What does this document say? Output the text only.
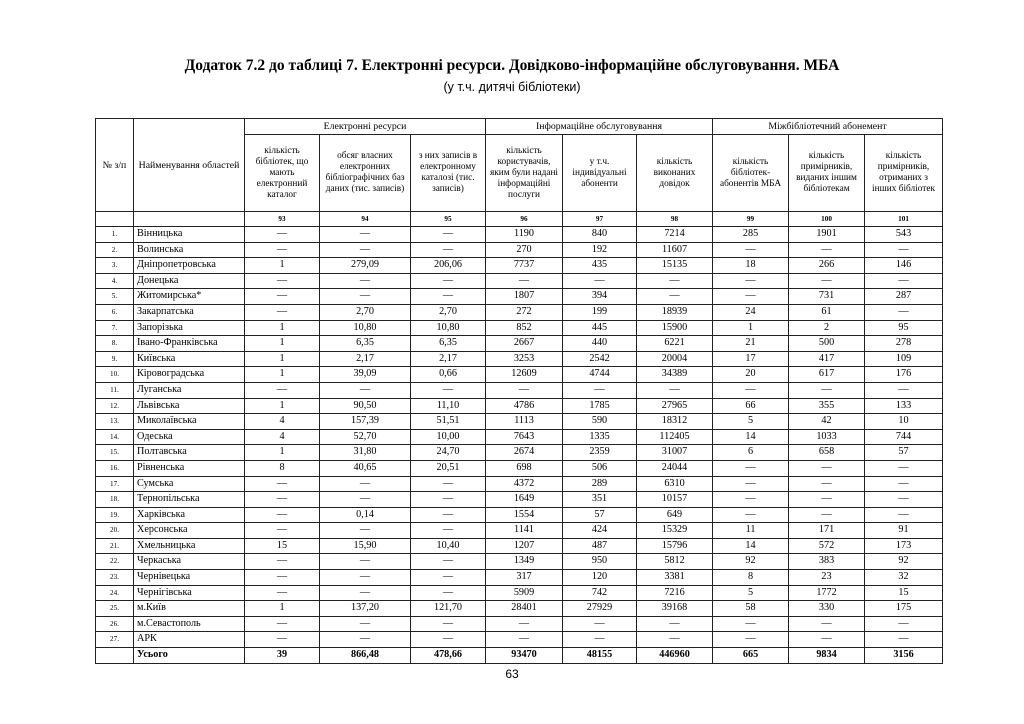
Додаток 7.2 до таблиці 7. Електронні ресурси. Довідково-інформаційне обслуговування. МБА
(у т.ч. дитячі бібліотеки)
№ з/п	Найменування областей	Електронні ресурси			Інформаційне обслуговування			Міжбібліотечний абонемент		
		кількість бібліотек, що мають електронний каталог	обсяг власних електронних бібліографічних баз даних (тис. записів)	з них записів в електронному каталозі (тис. записів)	кількість користувачів, яким були надані інформаційні послуги	у т.ч. індивідуальні абоненти	кількість виконаних довідок	кількість бібліотек-абонентів МБА	кількість примірників, виданих іншим бібліотекам	кількість примірників, отриманих з інших бібліотек
		93	94	95	96	97	98	99	100	101
1.	Вінницька	—	—	—	1190	840	7214	285	1901	543
2.	Волинська	—	—	—	270	192	11607	—	—	—
3.	Дніпропетровська	1	279,09	206,06	7737	435	15135	18	266	146
4.	Донецька	—	—	—	—	—	—	—	—	—
5.	Житомирська*	—	—	—	1807	394	—	—	731	287
6.	Закарпатська	—	2,70	2,70	272	199	18939	24	61	—
7.	Запорізька	1	10,80	10,80	852	445	15900	1	2	95
8.	Івано-Франківська	1	6,35	6,35	2667	440	6221	21	500	278
9.	Київська	1	2,17	2,17	3253	2542	20004	17	417	109
10.	Кіровоградська	1	39,09	0,66	12609	4744	34389	20	617	176
11.	Луганська	—	—	—	—	—	—	—	—	—
12.	Львівська	1	90,50	11,10	4786	1785	27965	66	355	133
13.	Миколаївська	4	157,39	51,51	1113	590	18312	5	42	10
14.	Одеська	4	52,70	10,00	7643	1335	112405	14	1033	744
15.	Полтавська	1	31,80	24,70	2674	2359	31007	6	658	57
16.	Рівненська	8	40,65	20,51	698	506	24044	—	—	—
17.	Сумська	—	—	—	4372	289	6310	—	—	—
18.	Тернопільська	—	—	—	1649	351	10157	—	—	—
19.	Харківська	—	0,14	—	1554	57	649	—	—	—
20.	Херсонська	—	—	—	1141	424	15329	11	171	91
21.	Хмельницька	15	15,90	10,40	1207	487	15796	14	572	173
22.	Черкаська	—	—	—	1349	950	5812	92	383	92
23.	Чернівецька	—	—	—	317	120	3381	8	23	32
24.	Чернігівська	—	—	—	5909	742	7216	5	1772	15
25.	м.Київ	1	137,20	121,70	28401	27929	39168	58	330	175
26.	м.Севастополь	—	—	—	—	—	—	—	—	—
27.	АРК	—	—	—	—	—	—	—	—	—
	Усього	39	866,48	478,66	93470	48155	446960	665	9834	3156
63
